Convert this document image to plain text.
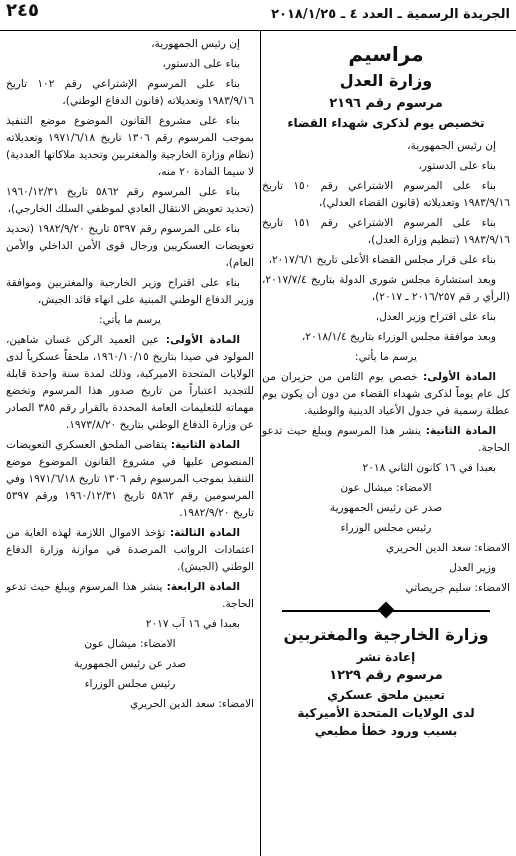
الجريدة الرسمية ـ العدد ٤ ـ ٢٠١٨/١/٢٥
٢٤٥
مراسيم
وزارة العدل
مرسوم رقم ٢١٩٦
تخصيص يوم لذكرى شهداء القضاء

إن رئيس الجمهورية،

بناء على الدستور،

بناء على المرسوم الاشتراعي رقم ١٥٠ تاريخ ١٩٨٣/٩/١٦ وتعديلاته (قانون القضاء العدلي)،

بناء على المرسوم الاشتراعي رقم ١٥١ تاريخ ١٩٨٣/٩/١٦ (تنظيم وزارة العدل)،

بناء على قرار مجلس القضاء الأعلى تاريخ ٢٠١٧/٦/١،

وبعد استشارة مجلس شورى الدولة بتاريخ ٢٠١٧/٧/٤، (الرأي ر قم ٢٠١٦/٢٥٧ ـ ٢٠١٧)،

بناء على اقتراح وزير العدل،

وبعد موافقة مجلس الوزراء بتاريخ ٢٠١٨/١/٤،

يرسم ما يأتي:

المادة الأولى: خصص يوم الثامن من حزيران من كل عام يوماً لذكرى شهداء القضاء من دون أن يكون يوم عطلة رسمية في جدول الأعياد الدينية والوطنية.

المادة الثانية: ينشر هذا المرسوم ويبلغ حيث تدعو الحاجة.

بعبدا في ١٦ كانون الثاني ٢٠١٨

الامضاء: ميشال عون

صدر عن رئيس الجمهورية

رئيس مجلس الوزراء

الامضاء: سعد الدين الحريري

وزير العدل

الامضاء: سليم جريصاتي

وزارة الخارجية والمغتربين
إعادة نشر
مرسوم رقم ١٢٢٩
تعيين ملحق عسكري
لدى الولايات المتحدة الأميركية
بسبب ورود خطأ مطبعي

إن رئيس الجمهورية،

بناء على الدستور،

بناء على المرسوم الإشتراعي رقم ١٠٢ تاريخ ١٩٨٣/٩/١٦ وتعديلاته (قانون الدفاع الوطني)،

بناء على مشروع القانون الموضوع موضع التنفيذ بموجب المرسوم رقم ١٣٠٦ تاريخ ١٩٧١/٦/١٨ وتعديلاته (نظام وزارة الخارجية والمغتربين وتحديد ملاكاتها العددية) لا سيما المادة ٢٠ منه،

بناء على المرسوم رقم ٥٨٦٢ تاريخ ١٩٦٠/١٢/٣١ (تحديد تعويض الانتقال العادي لموظفي السلك الخارجي)،

بناء على المرسوم رقم ٥٣٩٧ تاريخ ١٩٨٢/٩/٢٠ (تحديد تعويضات العسكريين ورجال قوى الأمن الداخلي والأمن العام)،

بناء على اقتراح وزير الخارجية والمغتربين وموافقة وزير الدفاع الوطني المبنية على انهاء قائد الجيش،

يرسم ما يأتي:

المادة الأولى: عين العميد الركن غسان شاهين، المولود في صيدا بتاريخ ١٩٦٠/١٠/١٥، ملحقاً عسكرياً لدى الولايات المتحدة الاميركية، وذلك لمدة سنة واحدة قابلة للتجديد اعتباراً من تاريخ صدور هذا المرسوم وتخضع مهماته للتعليمات العامة المحددة بالقرار رقم ٣٨٥ الصادر عن وزارة الدفاع الوطني بتاريخ ١٩٧٣/٨/٢٠.

المادة الثانية: يتقاضى الملحق العسكري التعويضات المنصوص عليها في مشروع القانون الموضوع موضع التنفيذ بموجب المرسوم رقم ١٣٠٦ تاريخ ١٩٧١/٦/١٨ وفي المرسومين رقم ٥٨٦٢ تاريخ ١٩٦٠/١٢/٣١ ورقم ٥٣٩٧ تاريخ ١٩٨٢/٩/٢٠.

المادة الثالثة: تؤخذ الاموال اللازمة لهذه الغاية من اعتمادات الرواتب المرصدة في موازنة وزارة الدفاع الوطني (الجيش).

المادة الرابعة: ينشر هذا المرسوم ويبلغ حيث تدعو الحاجة.

بعبدا في ١٦ آب ٢٠١٧

الامضاء: ميشال عون

صدر عن رئيس الجمهورية

رئيس مجلس الوزراء

الامضاء: سعد الدين الحريري
